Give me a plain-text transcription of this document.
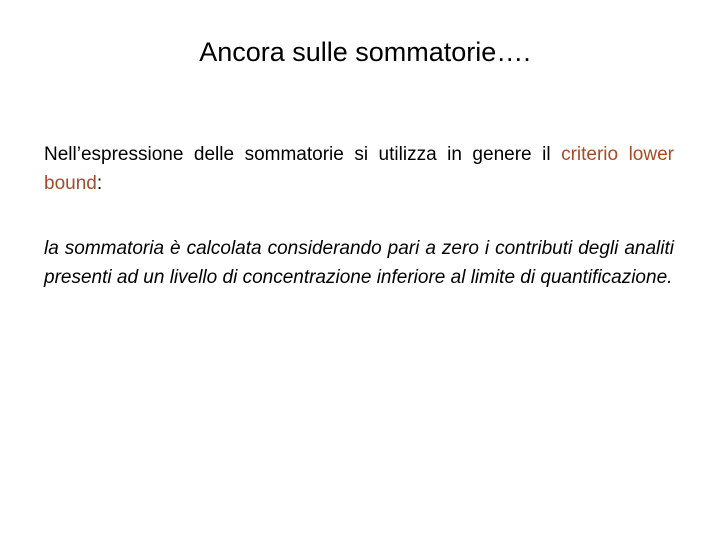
Ancora sulle sommatorie….

Nell’espressione delle sommatorie si utilizza in genere il criterio lower bound:

la sommatoria è calcolata considerando pari a zero i contributi degli analiti presenti ad un livello di concentrazione inferiore al limite di quantificazione.
